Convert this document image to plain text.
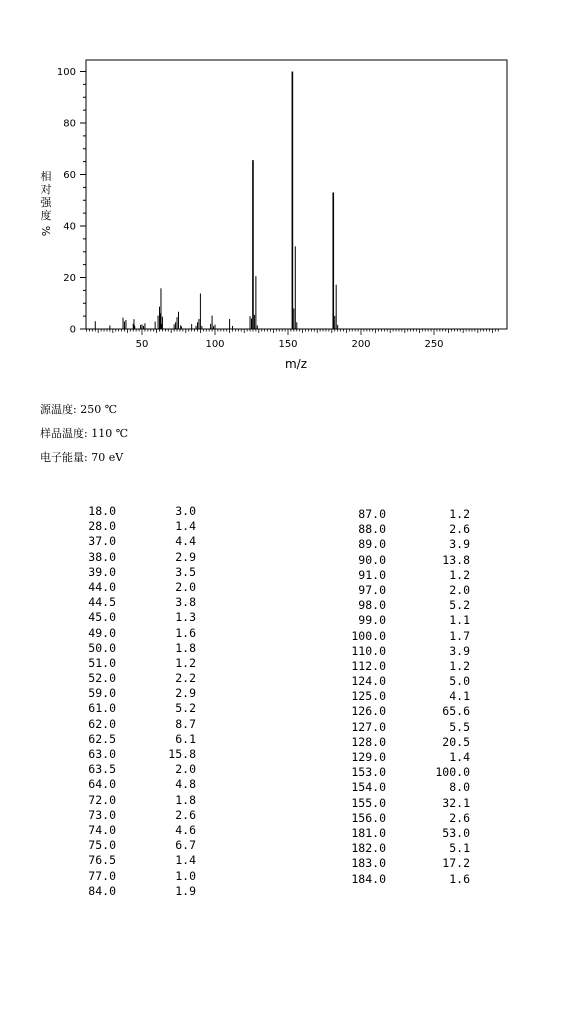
0
20
40
60
80
100
50	100	150	200	250
m/z
相
对
强
度
%
源温度: 250 ℃
样品温度: 110 ℃
电子能量: 70 eV
18.0	3.0
28.0	1.4
37.0	4.4
38.0	2.9
39.0	3.5
44.0	2.0
44.5	3.8
45.0	1.3
49.0	1.6
50.0	1.8
51.0	1.2
52.0	2.2
59.0	2.9
61.0	5.2
62.0	8.7
62.5	6.1
63.0	15.8
63.5	2.0
64.0	4.8
72.0	1.8
73.0	2.6
74.0	4.6
75.0	6.7
76.5	1.4
77.0	1.0
84.0	1.9
87.0	1.2
88.0	2.6
89.0	3.9
90.0	13.8
91.0	1.2
97.0	2.0
98.0	5.2
99.0	1.1
100.0	1.7
110.0	3.9
112.0	1.2
124.0	5.0
125.0	4.1
126.0	65.6
127.0	5.5
128.0	20.5
129.0	1.4
153.0	100.0
154.0	8.0
155.0	32.1
156.0	2.6
181.0	53.0
182.0	5.1
183.0	17.2
184.0	1.6
